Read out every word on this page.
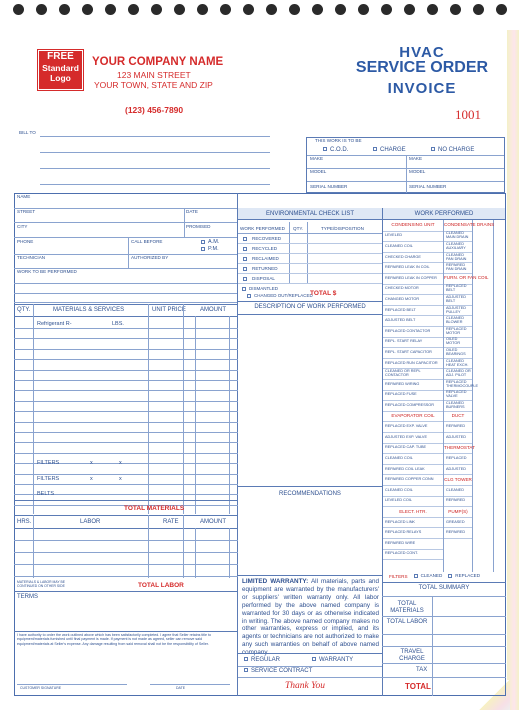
FREE
Standard
Logo
YOUR COMPANY NAME
123 MAIN STREET
YOUR TOWN, STATE AND ZIP
(123) 456-7890
HVAC
SERVICE ORDER
INVOICE
1001
BILL TO
THIS WORK IS TO BE
C.O.D.	CHARGE	NO CHARGE
MAKE	MAKE
MODEL	MODEL
SERIAL NUMBER	SERIAL NUMBER
NAME
STREET	DATE
CITY	PROMISED
PHONE	CALL BEFORE	A.M.
P.M.
TECHNICIAN	AUTHORIZED BY
WORK TO BE PERFORMED
ENVIRONMENTAL CHECK LIST
WORK PERFORMED QTY.	TYPE/DISPOSITION
RECOVERED
RECYCLED
RECLAIMED
RETURNED
DISPOSAL
DISMANTLED
CHANGED OUT/REPLACED
TOTAL $
DESCRIPTION OF WORK PERFORMED
RECOMMENDATIONS
QTY.	MATERIALS & SERVICES	UNIT PRICE AMOUNT
Refrigerant R-	LBS.
FILTERS	x	x
FILTERS	x	x
BELTS
TOTAL MATERIALS
HRS.	LABOR	RATE	AMOUNT
MATERIALS & LABOR MAY BE CONTINUED ON OTHER SIDE	TOTAL LABOR
TERMS
I have authority to order the work outlined above which has been satisfactorily completed. I agree that Seller retains title to equipment/materials furnished until final payment is made. If payment is not made as agreed, seller can remove said equipment/materials at Seller's expense. Any damage resulting from said removal shall not be the responsibility of Seller.
CUSTOMER SIGNATURE	DATE
LIMITED WARRANTY: All materials, parts and equipment are warranted by the manufacturers' or suppliers' written warranty only. All labor performed by the above named company is warranted for 30 days or as otherwise indicated in writing. The above named company makes no other warranties, express or implied, and its agents or technicians are not authorized to make any such warranties on behalf of above named company.
REGULAR	WARRANTY
SERVICE CONTRACT
Thank You
WORK PERFORMED
CONDENSING UNIT
LEVELED
CLEANED COIL
CHECKED CHARGE
REPAIRED LEAK IN COIL
REPAIRED LEAK IN COPPER
CHECKED MOTOR
CHANGED MOTOR
REPLACED BELT
ADJUSTED BELT
REPLACED CONTACTOR
REPL. START RELAY
REPL. START CAPACITOR
REPLACED RUN CAPACITOR
CLEANED OR REPL CONTACTOR
REPAIRED WIRING
REPLACED FUSE
REPLACED COMPRESSOR
EVAPORATOR COIL
REPLACED EXP. VALVE
ADJUSTED EXP. VALVE
REPLACED CAP. TUBE
CLEANED COIL
REPAIRED COIL LEAK
REPAIRED COPPER CONN
CLEANED COIL
LEVELED COIL
ELECT. HTR.
REPLACED LINK
REPLACED RELAYS
REPAIRED WIRE
REPLACED CONT.
CONDENSATE DRAINS
CLEANED MAIN DRAIN
CLEANED AUXILIARY
CLEANED PAN DRAIN
REPAIRED PAN DRAIN
FURN. OR FAN COIL
REPLACED BELT
ADJUSTED BELT
ADJUSTED PULLEY
CLEANED BLOWER
REPLACED MOTOR
OILED MOTOR
OILED BEARINGS
CLEANED HEAT EXCH.
CLEANED OR ADJ. PILOT
REPLACED THERMOCOUPLE
REPLACED VALVE
CLEANED BURNERS
DUCT
REPAIRED
ADJUSTED
THERMOSTAT
REPLACED
ADJUSTED
CLG TOWER
CLEANED
REPAIRED
PUMP(S)
GREASED
REPAIRED
FILTERS	CLEANED	REPLACED
TOTAL SUMMARY
TOTAL MATERIALS
TOTAL LABOR
TRAVEL CHARGE
TAX
TOTAL
